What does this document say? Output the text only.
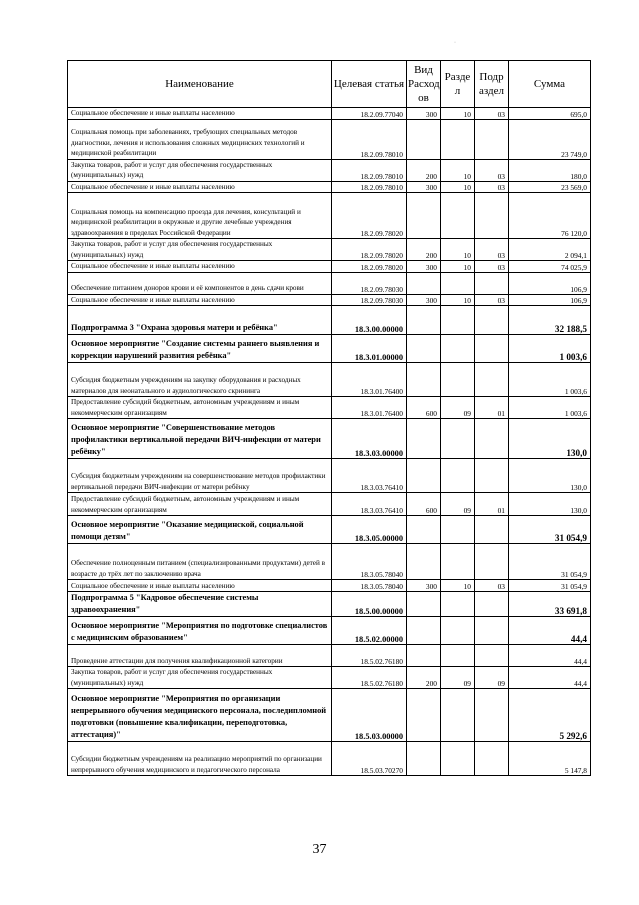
·
Наименование	Целевая статья	Вид Расход ов	Разде л	Подр аздел	Сумма
Социальное обеспечение и иные выплаты населению	18.2.09.77040	300	10	03	695,0
Социальная помощь при заболеваниях, требующих специальных методов диагностики, лечения и использования сложных медицинских технологий и медицинской реабилитации	18.2.09.78010				23 749,0
Закупка товаров, работ и услуг для обеспечения государственных (муниципальных) нужд	18.2.09.78010	200	10	03	180,0
Социальное обеспечение и иные выплаты населению	18.2.09.78010	300	10	03	23 569,0
Социальная помощь на компенсацию проезда для лечения, консультаций и медицинской реабилитации в окружные и другие лечебные учреждения здравоохранения в пределах Российской Федерации	18.2.09.78020				76 120,0
Закупка товаров, работ и услуг для обеспечения государственных (муниципальных) нужд	18.2.09.78020	200	10	03	2 094,1
Социальное обеспечение и иные выплаты населению	18.2.09.78020	300	10	03	74 025,9
Обеспечение питанием доноров крови и её компонентов в день сдачи крови	18.2.09.78030				106,9
Социальное обеспечение и иные выплаты населению	18.2.09.78030	300	10	03	106,9
Подпрограмма 3 "Охрана здоровья матери и ребёнка"	18.3.00.00000				32 188,5
Основное мероприятие "Создание системы раннего выявления и коррекции нарушений развития ребёнка"	18.3.01.00000				1 003,6
Субсидия бюджетным учреждениям на закупку оборудования и расходных материалов для неонатального и аудиологического скрининга	18.3.01.76400				1 003,6
Предоставление субсидий бюджетным, автономным учреждениям и иным некоммерческим организациям	18.3.01.76400	600	09	01	1 003,6
Основное мероприятие "Совершенствование методов профилактики вертикальной передачи ВИЧ-инфекции от матери ребёнку"	18.3.03.00000				130,0
Субсидия бюджетным учреждениям на совершенствование методов профилактики вертикальной передачи ВИЧ-инфекции от матери ребёнку	18.3.03.76410				130,0
Предоставление субсидий бюджетным, автономным учреждениям и иным некоммерческим организациям	18.3.03.76410	600	09	01	130,0
Основное мероприятие "Оказание медицинской, социальной помощи детям"	18.3.05.00000				31 054,9
Обеспечение полноценным питанием (специализированными продуктами) детей в возрасте до трёх лет по заключению врача	18.3.05.78040				31 054,9
Социальное обеспечение и иные выплаты населению	18.3.05.78040	300	10	03	31 054,9
Подпрограмма 5 "Кадровое обеспечение системы здравоохранения"	18.5.00.00000				33 691,8
Основное мероприятие "Мероприятия по подготовке специалистов с медицинским образованием"	18.5.02.00000				44,4
Проведение аттестации для получения квалификационной категории	18.5.02.76180				44,4
Закупка товаров, работ и услуг для обеспечения государственных (муниципальных) нужд	18.5.02.76180	200	09	09	44,4
Основное мероприятие "Мероприятия по организации непрерывного обучения медицинского персонала, последипломной подготовки (повышение квалификации, переподготовка, аттестация)"	18.5.03.00000				5 292,6
Субсидии бюджетным учреждениям на реализацию мероприятий по организации непрерывного обучения медицинского и педагогического персонала	18.5.03.70270				5 147,8
37
